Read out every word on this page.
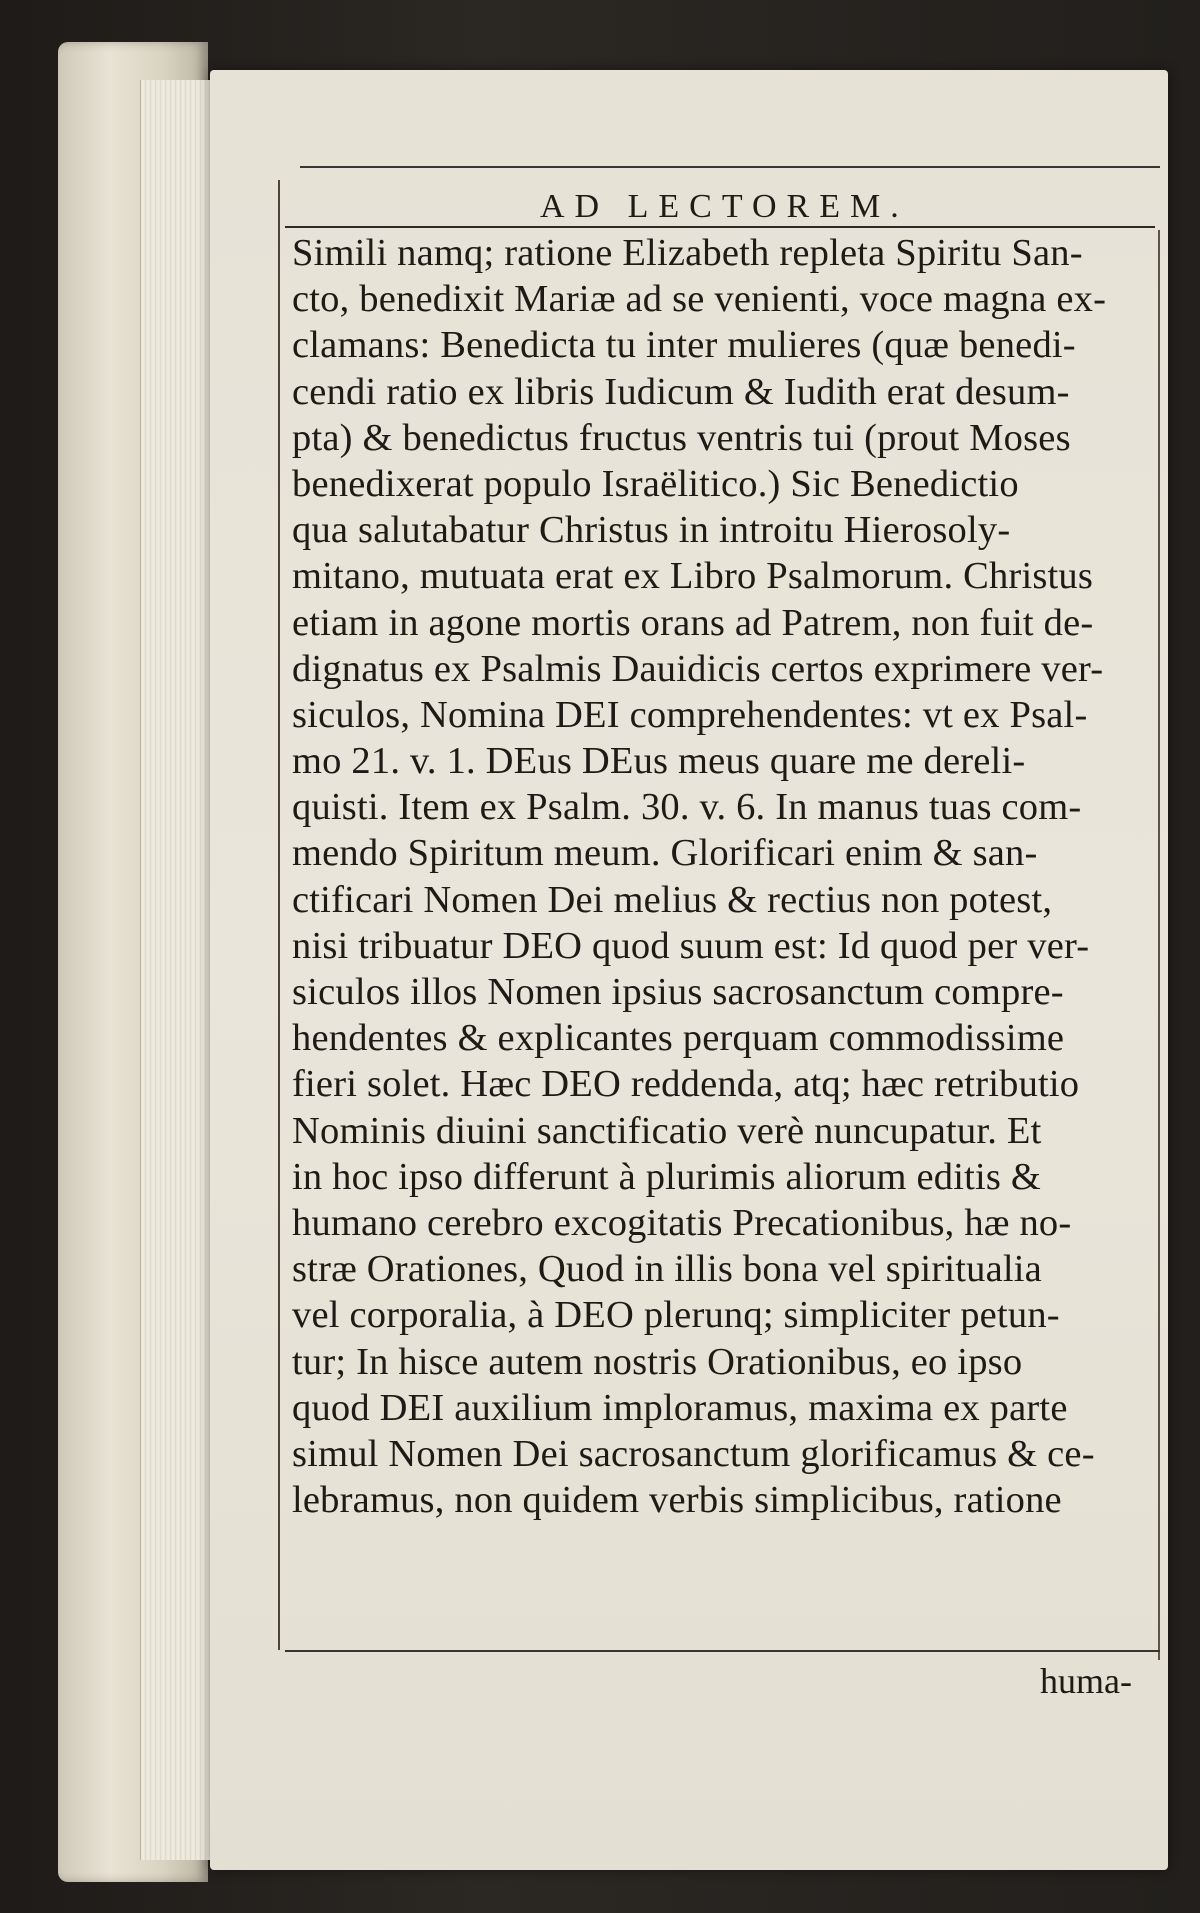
AD LECTOREM.
Simili namq; ratione Elizabeth repleta Spiritu San-
cto, benedixit Mariæ ad se venienti, voce magna ex-
clamans: Benedicta tu inter mulieres (quæ benedi-
cendi ratio ex libris Iudicum & Iudith erat desum-
pta) & benedictus fructus ventris tui (prout Moses
benedixerat populo Israëlitico.) Sic Benedictio
qua salutabatur Christus in introitu Hierosoly-
mitano, mutuata erat ex Libro Psalmorum. Christus
etiam in agone mortis orans ad Patrem, non fuit de-
dignatus ex Psalmis Dauidicis certos exprimere ver-
siculos, Nomina DEI comprehendentes: vt ex Psal-
mo 21. v. 1. DEus DEus meus quare me dereli-
quisti. Item ex Psalm. 30. v. 6. In manus tuas com-
mendo Spiritum meum. Glorificari enim & san-
ctificari Nomen Dei melius & rectius non potest,
nisi tribuatur DEO quod suum est: Id quod per ver-
siculos illos Nomen ipsius sacrosanctum compre-
hendentes & explicantes perquam commodissime
fieri solet. Hæc DEO reddenda, atq; hæc retributio
Nominis diuini sanctificatio verè nuncupatur. Et
in hoc ipso differunt à plurimis aliorum editis &
humano cerebro excogitatis Precationibus, hæ no-
stræ Orationes, Quod in illis bona vel spiritualia
vel corporalia, à DEO plerunq; simpliciter petun-
tur; In hisce autem nostris Orationibus, eo ipso
quod DEI auxilium imploramus, maxima ex parte
simul Nomen Dei sacrosanctum glorificamus & ce-
lebramus, non quidem verbis simplicibus, ratione
huma-
